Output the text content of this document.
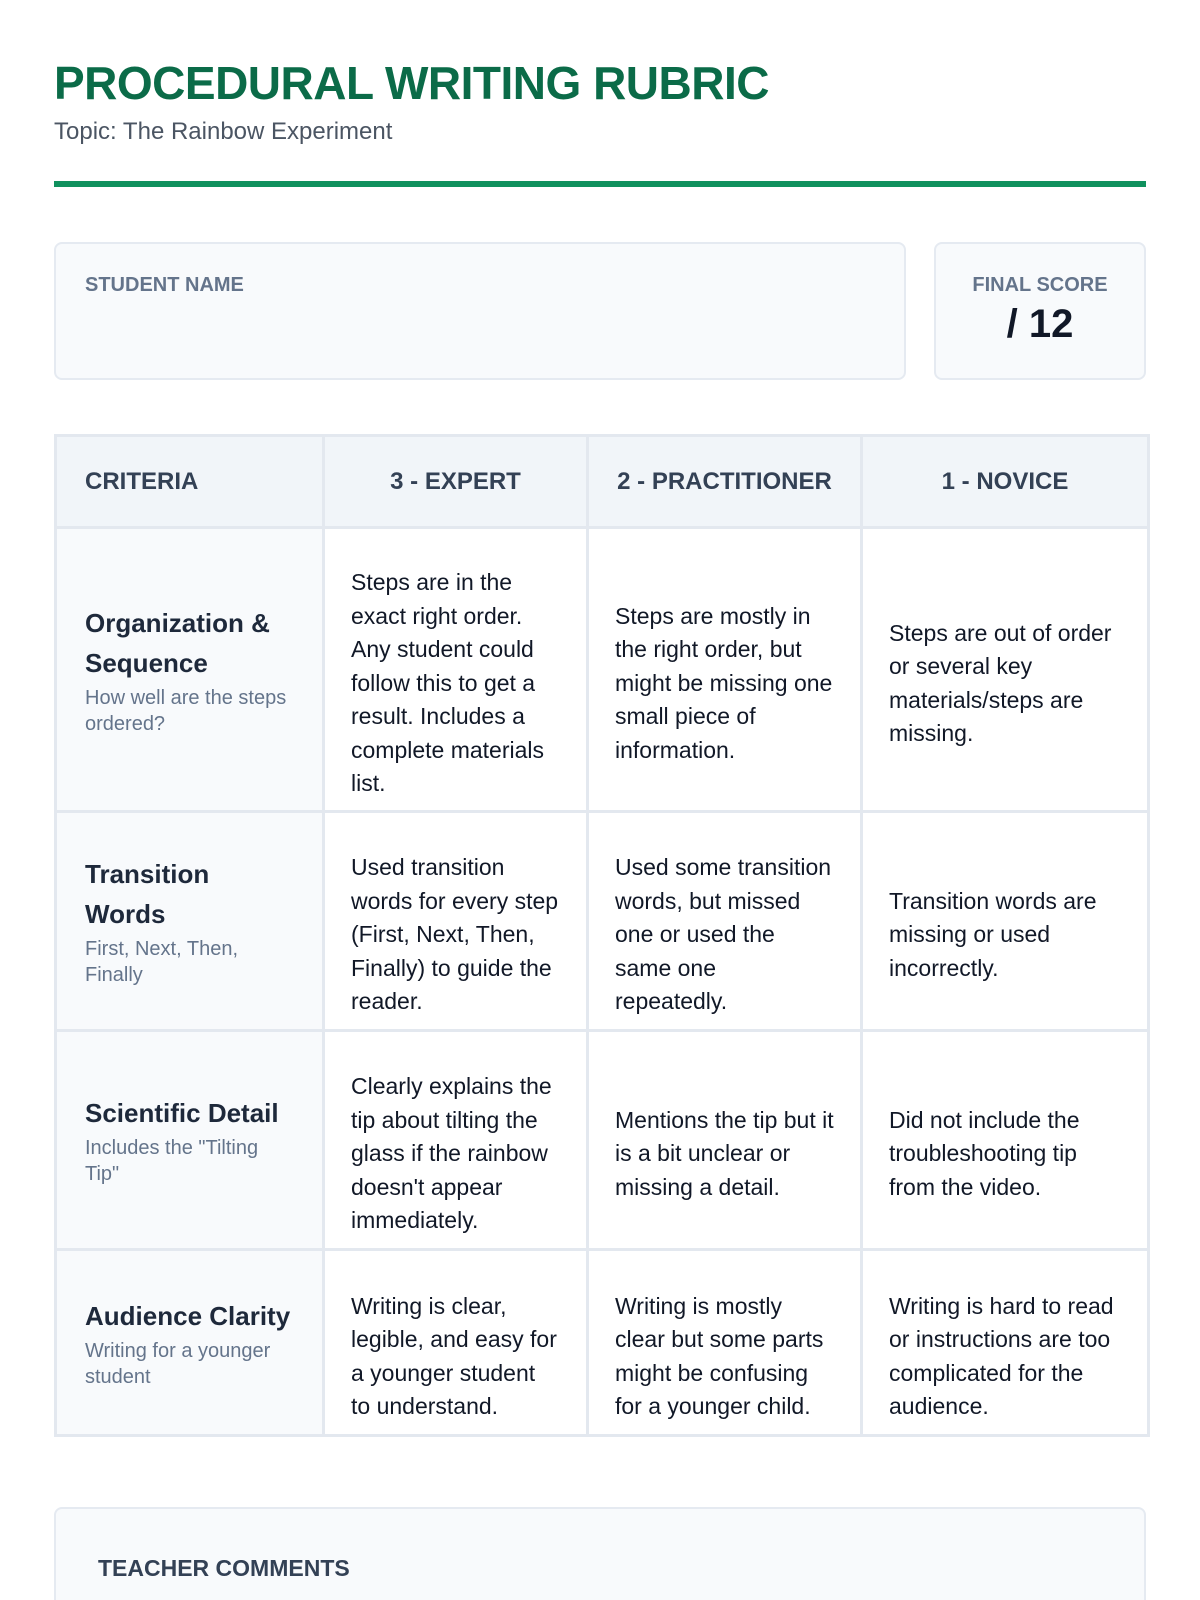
PROCEDURAL WRITING RUBRIC
Topic: The Rainbow Experiment
STUDENT NAME	FINAL SCORE
/ 12
CRITERIA	3 - EXPERT	2 - PRACTITIONER	1 - NOVICE

Organization & Sequence
How well are the steps ordered?	Steps are in the exact right order. Any student could follow this to get a result. Includes a complete materials list.	Steps are mostly in the right order, but might be missing one small piece of information.	Steps are out of order or several key materials/steps are missing.

Transition Words
First, Next, Then, Finally	Used transition words for every step (First, Next, Then, Finally) to guide the reader.	Used some transition words, but missed one or used the same one repeatedly.	Transition words are missing or used incorrectly.

Scientific Detail
Includes the "Tilting Tip"	Clearly explains the tip about tilting the glass if the rainbow doesn't appear immediately.	Mentions the tip but it is a bit unclear or missing a detail.	Did not include the troubleshooting tip from the video.

Audience Clarity
Writing for a younger student	Writing is clear, legible, and easy for a younger student to understand.	Writing is mostly clear but some parts might be confusing for a younger child.	Writing is hard to read or instructions are too complicated for the audience.
TEACHER COMMENTS
